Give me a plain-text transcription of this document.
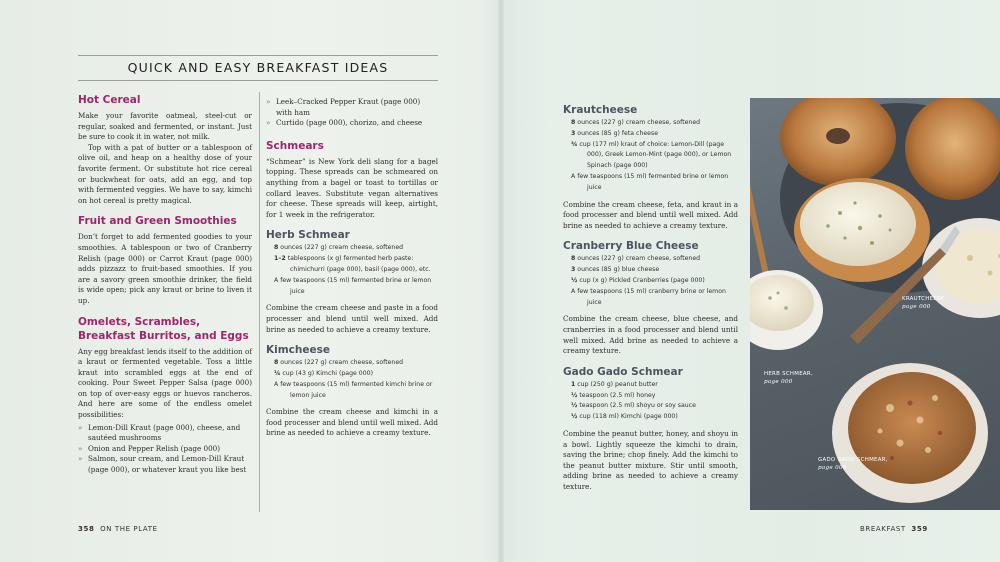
QUICK AND EASY BREAKFAST IDEAS
Hot Cereal

Make your favorite oatmeal, steel-cut or regular, soaked and fermented, or instant. Just be sure to cook it in water, not milk.

Top with a pat of butter or a tablespoon of olive oil, and heap on a healthy dose of your favorite ferment. Or substitute hot rice cereal or buckwheat for oats, add an egg, and top with fermented veggies. We have to say, kimchi on hot cereal is pretty magical.

Fruit and Green Smoothies

Don’t forget to add fermented goodies to your smoothies. A tablespoon or two of Cranberry Relish (page 000) or Carrot Kraut (page 000) adds pizzazz to fruit-based smoothies. If you are a savory green smoothie drinker, the field is wide open; pick any kraut or brine to liven it up.

Omelets, Scrambles, Breakfast Burritos, and Eggs

Any egg breakfast lends itself to the addition of a kraut or fermented vegetable. Toss a little kraut into scrambled eggs at the end of cooking. Pour Sweet Pepper Salsa (page 000) on top of over-easy eggs or huevos rancheros. And here are some of the endless omelet possibilities:

» Lemon-Dill Kraut (page 000), cheese, and sautéed mushrooms
» Onion and Pepper Relish (page 000)
» Salmon, sour cream, and Lemon-Dill Kraut (page 000), or whatever kraut you like best
» Leek–Cracked Pepper Kraut (page 000) with ham
» Curtido (page 000), chorizo, and cheese
Schmears

“Schmear” is New York deli slang for a bagel topping. These spreads can be schmeared on anything from a bagel or toast to tortillas or collard leaves. Substitute vegan alternatives for cheese. These spreads will keep, airtight, for 1 week in the refrigerator.

Herb Schmear
8 ounces (227 g) cream cheese, softened
1–2 tablespoons (x g) fermented herb paste: chimichurri (page 000), basil (page 000), etc.
A few teaspoons (15 ml) fermented brine or lemon juice

Combine the cream cheese and paste in a food processer and blend until well mixed. Add brine as needed to achieve a creamy texture.

Kimcheese
8 ounces (227 g) cream cheese, softened
¼ cup (43 g) Kimchi (page 000)
A few teaspoons (15 ml) fermented kimchi brine or lemon juice

Combine the cream cheese and kimchi in a food processer and blend until well mixed. Add brine as needed to achieve a creamy texture.

358 ON THE PLATE
Krautcheese
8 ounces (227 g) cream cheese, softened
3 ounces (85 g) feta cheese
¾ cup (177 ml) kraut of choice: Lemon-Dill (page 000), Greek Lemon-Mint (page 000), or Lemon Spinach (page 000)
A few teaspoons (15 ml) fermented brine or lemon juice

Combine the cream cheese, feta, and kraut in a food processer and blend until well mixed. Add brine as needed to achieve a creamy texture.

Cranberry Blue Cheese
8 ounces (227 g) cream cheese, softened
3 ounces (85 g) blue cheese
½ cup (x g) Pickled Cranberries (page 000)
A few teaspoons (15 ml) cranberry brine or lemon juice

Combine the cream cheese, blue cheese, and cranberries in a food processer and blend until well mixed. Add brine as needed to achieve a creamy texture.

Gado Gado Schmear
1 cup (250 g) peanut butter
½ teaspoon (2.5 ml) honey
½ teaspoon (2.5 ml) shoyu or soy sauce
½ cup (118 ml) Kimchi (page 000)

Combine the peanut butter, honey, and shoyu in a bowl. Lightly squeeze the kimchi to drain, saving the brine; chop finely. Add the kimchi to the peanut butter mixture. Stir until smooth, adding brine as needed to achieve a creamy texture.

KRAUTCHEESE,
page 000
HERB SCHMEAR,
page 000
GADO GADO SCHMEAR,
page 000
BREAKFAST 359
